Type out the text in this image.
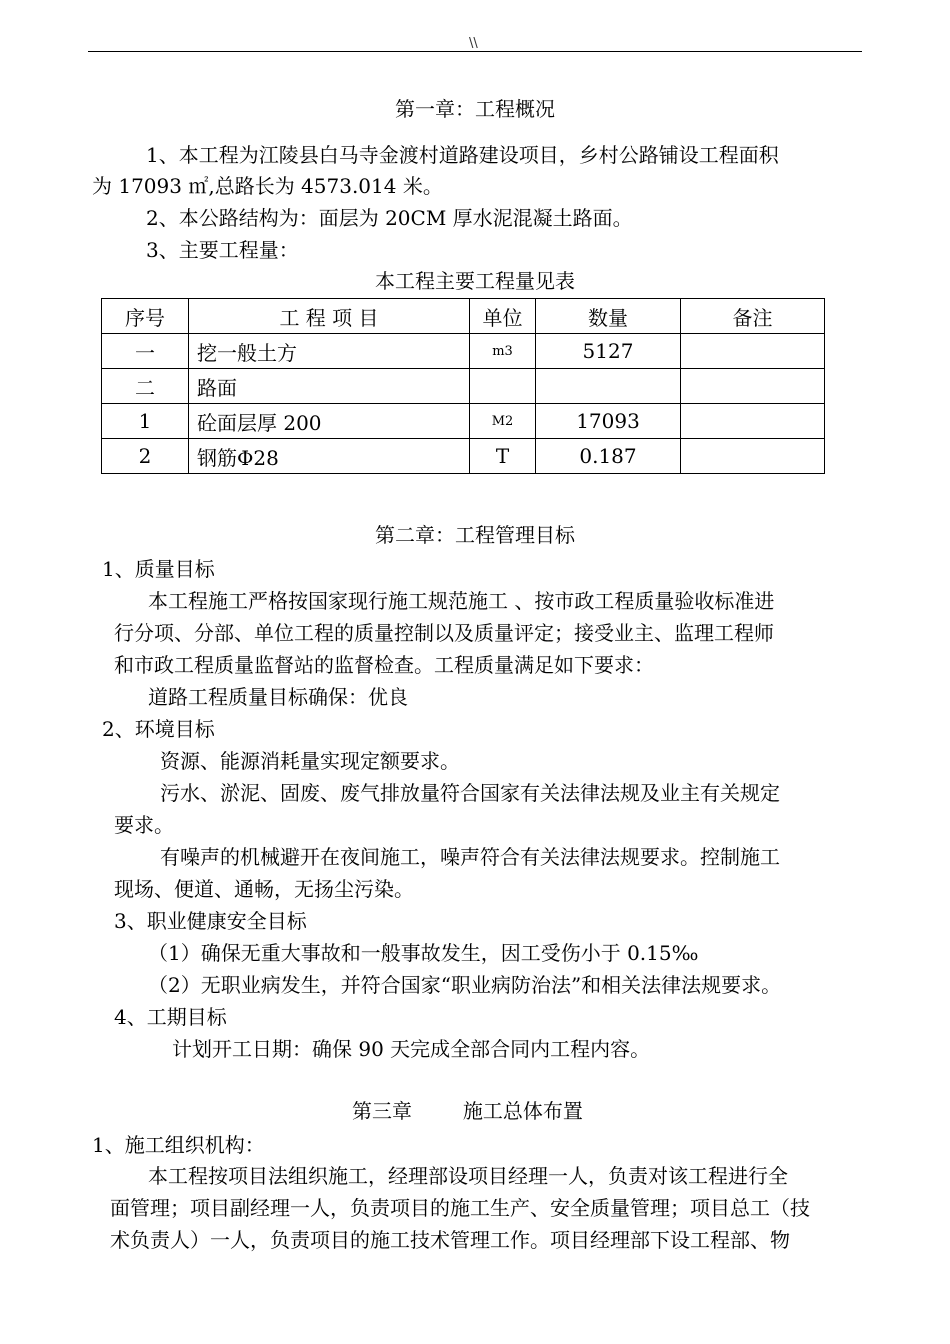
\\
第一章：工程概况
1、本工程为江陵县白马寺金渡村道路建设项目，乡村公路铺设工程面积
为 17093 ㎡,总路长为 4573.014 米。
2、本公路结构为：面层为 20CM 厚水泥混凝土路面。
3、主要工程量：
本工程主要工程量见表
序号	工 程 项 目	单位	数量	备注
一	挖一般土方	m3	5127	
二	路面			
1	砼面层厚 200	M2	17093	
2	钢筋Φ28	T	0.187	
第二章：工程管理目标
1、质量目标
本工程施工严格按国家现行施工规范施工 、按市政工程质量验收标准进
行分项、分部、单位工程的质量控制以及质量评定；接受业主、监理工程师
和市政工程质量监督站的监督检查。工程质量满足如下要求：
道路工程质量目标确保：优良
2、环境目标
资源、能源消耗量实现定额要求。
污水、淤泥、固废、废气排放量符合国家有关法律法规及业主有关规定
要求。
有噪声的机械避开在夜间施工，噪声符合有关法律法规要求。控制施工
现场、便道、通畅，无扬尘污染。
3、职业健康安全目标
（1）确保无重大事故和一般事故发生，因工受伤小于 0.15‰
（2）无职业病发生，并符合国家“职业病防治法”和相关法律法规要求。
4、工期目标
计划开工日期：确保 90 天完成全部合同内工程内容。
第三章        施工总体布置
1、施工组织机构：
本工程按项目法组织施工，经理部设项目经理一人，负责对该工程进行全
面管理；项目副经理一人，负责项目的施工生产、安全质量管理；项目总工（技
术负责人）一人，负责项目的施工技术管理工作。项目经理部下设工程部、物
